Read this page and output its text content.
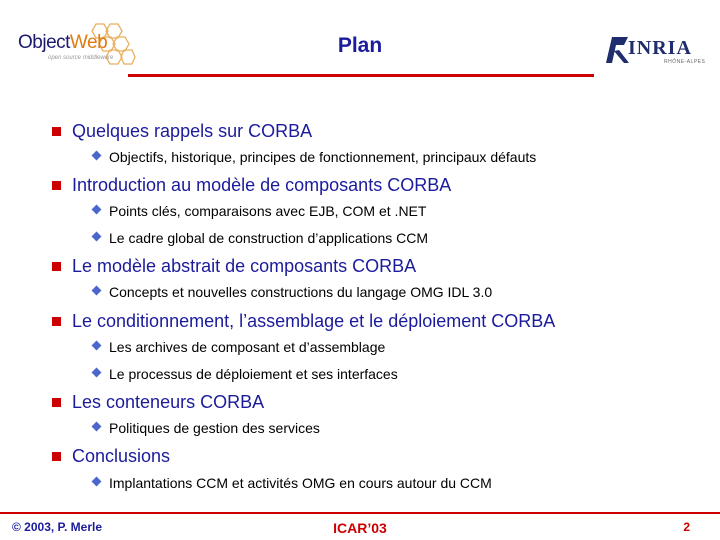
ObjectWeb
open source middleware
Plan	INRIA
RHÔNE-ALPES
Quelques rappels sur CORBA
Objectifs, historique, principes de fonctionnement, principaux défauts
Introduction au modèle de composants CORBA
Points clés, comparaisons avec EJB, COM et .NET
Le cadre global de construction d’applications CCM
Le modèle abstrait de composants CORBA
Concepts et nouvelles constructions du langage OMG IDL 3.0
Le conditionnement, l’assemblage et le déploiement CORBA
Les archives de composant et d’assemblage
Le processus de déploiement et ses interfaces
Les conteneurs CORBA
Politiques de gestion des services
Conclusions
Implantations CCM et activités OMG en cours autour du CCM
© 2003, P. Merle	ICAR’03	2
